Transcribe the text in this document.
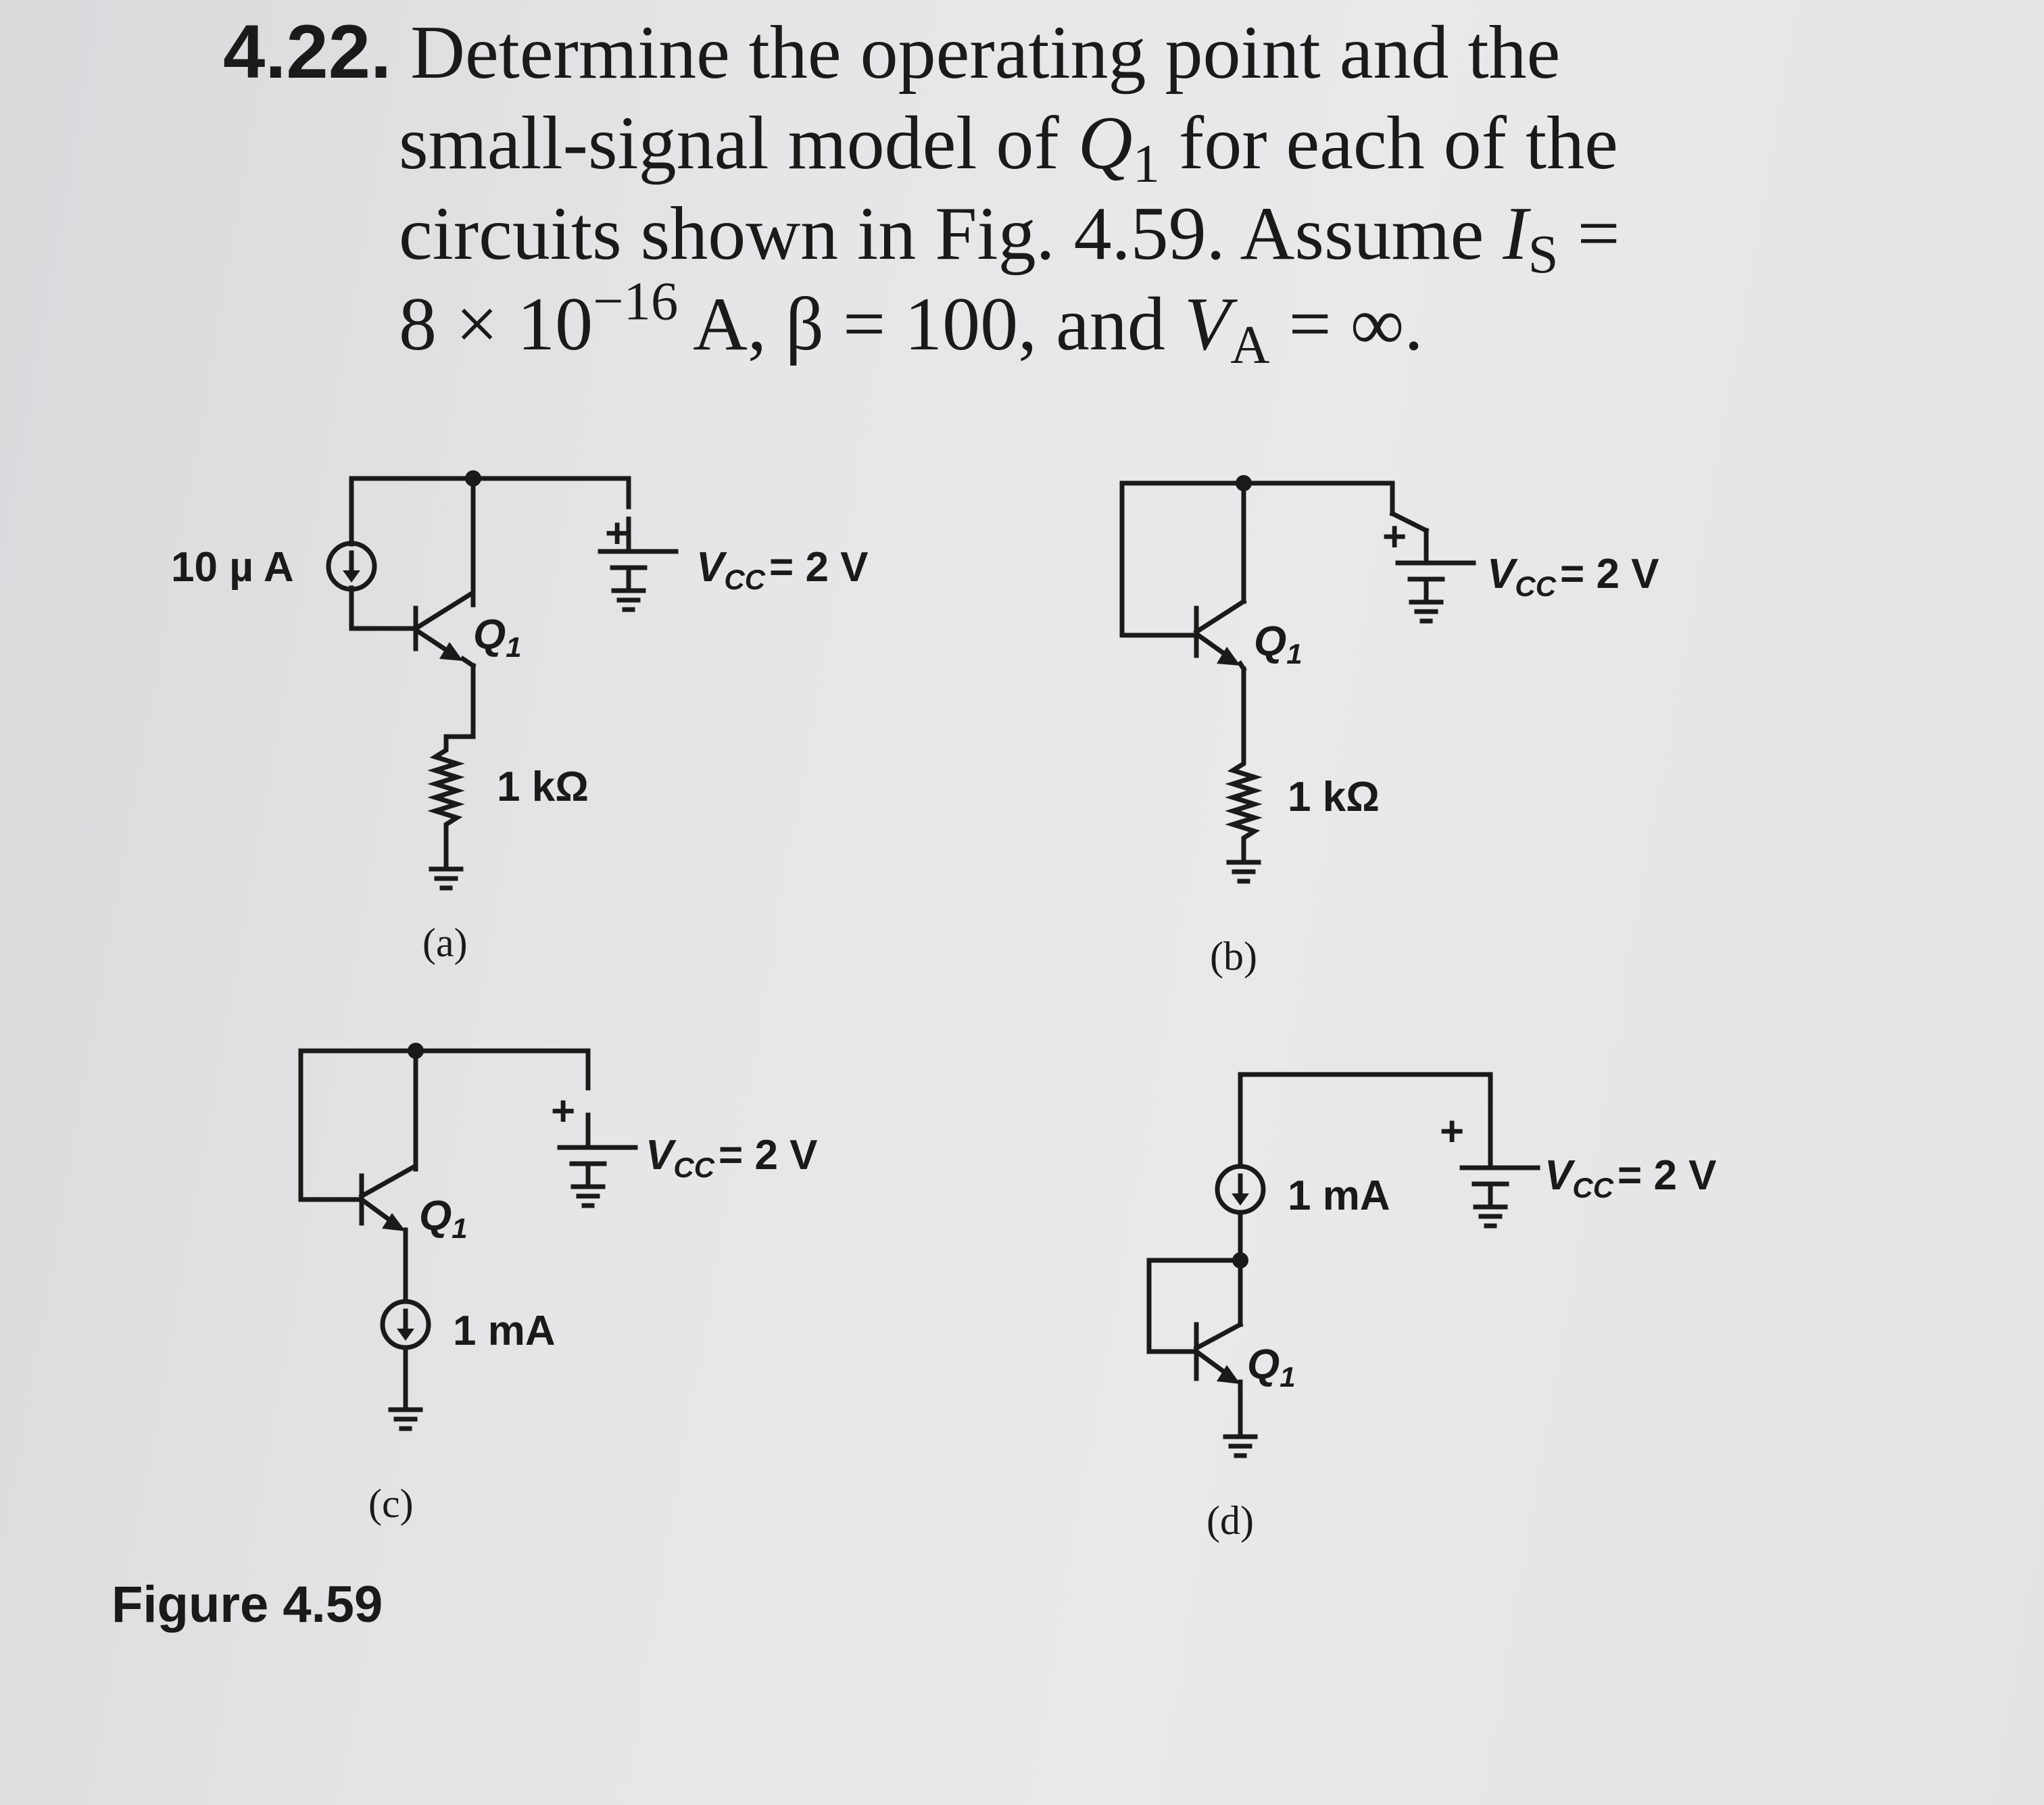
4.22. Determine the operating point and the
small-signal model of $Q_1$ for each of the
circuits shown in Fig. 4.59. Assume $I_S$ =
$8 \times 10^{-16}$ A, β = 100, and $V_A$ = ∞.
10 µ A
Q1
1 kΩ
+
VCC= 2 V
(a)
Q1
1 kΩ
+
VCC= 2 V
(b)
Q1
1 mA
+
VCC= 2 V
(c)
1 mA
Q1
+
VCC= 2 V
(d)
Figure 4.59
